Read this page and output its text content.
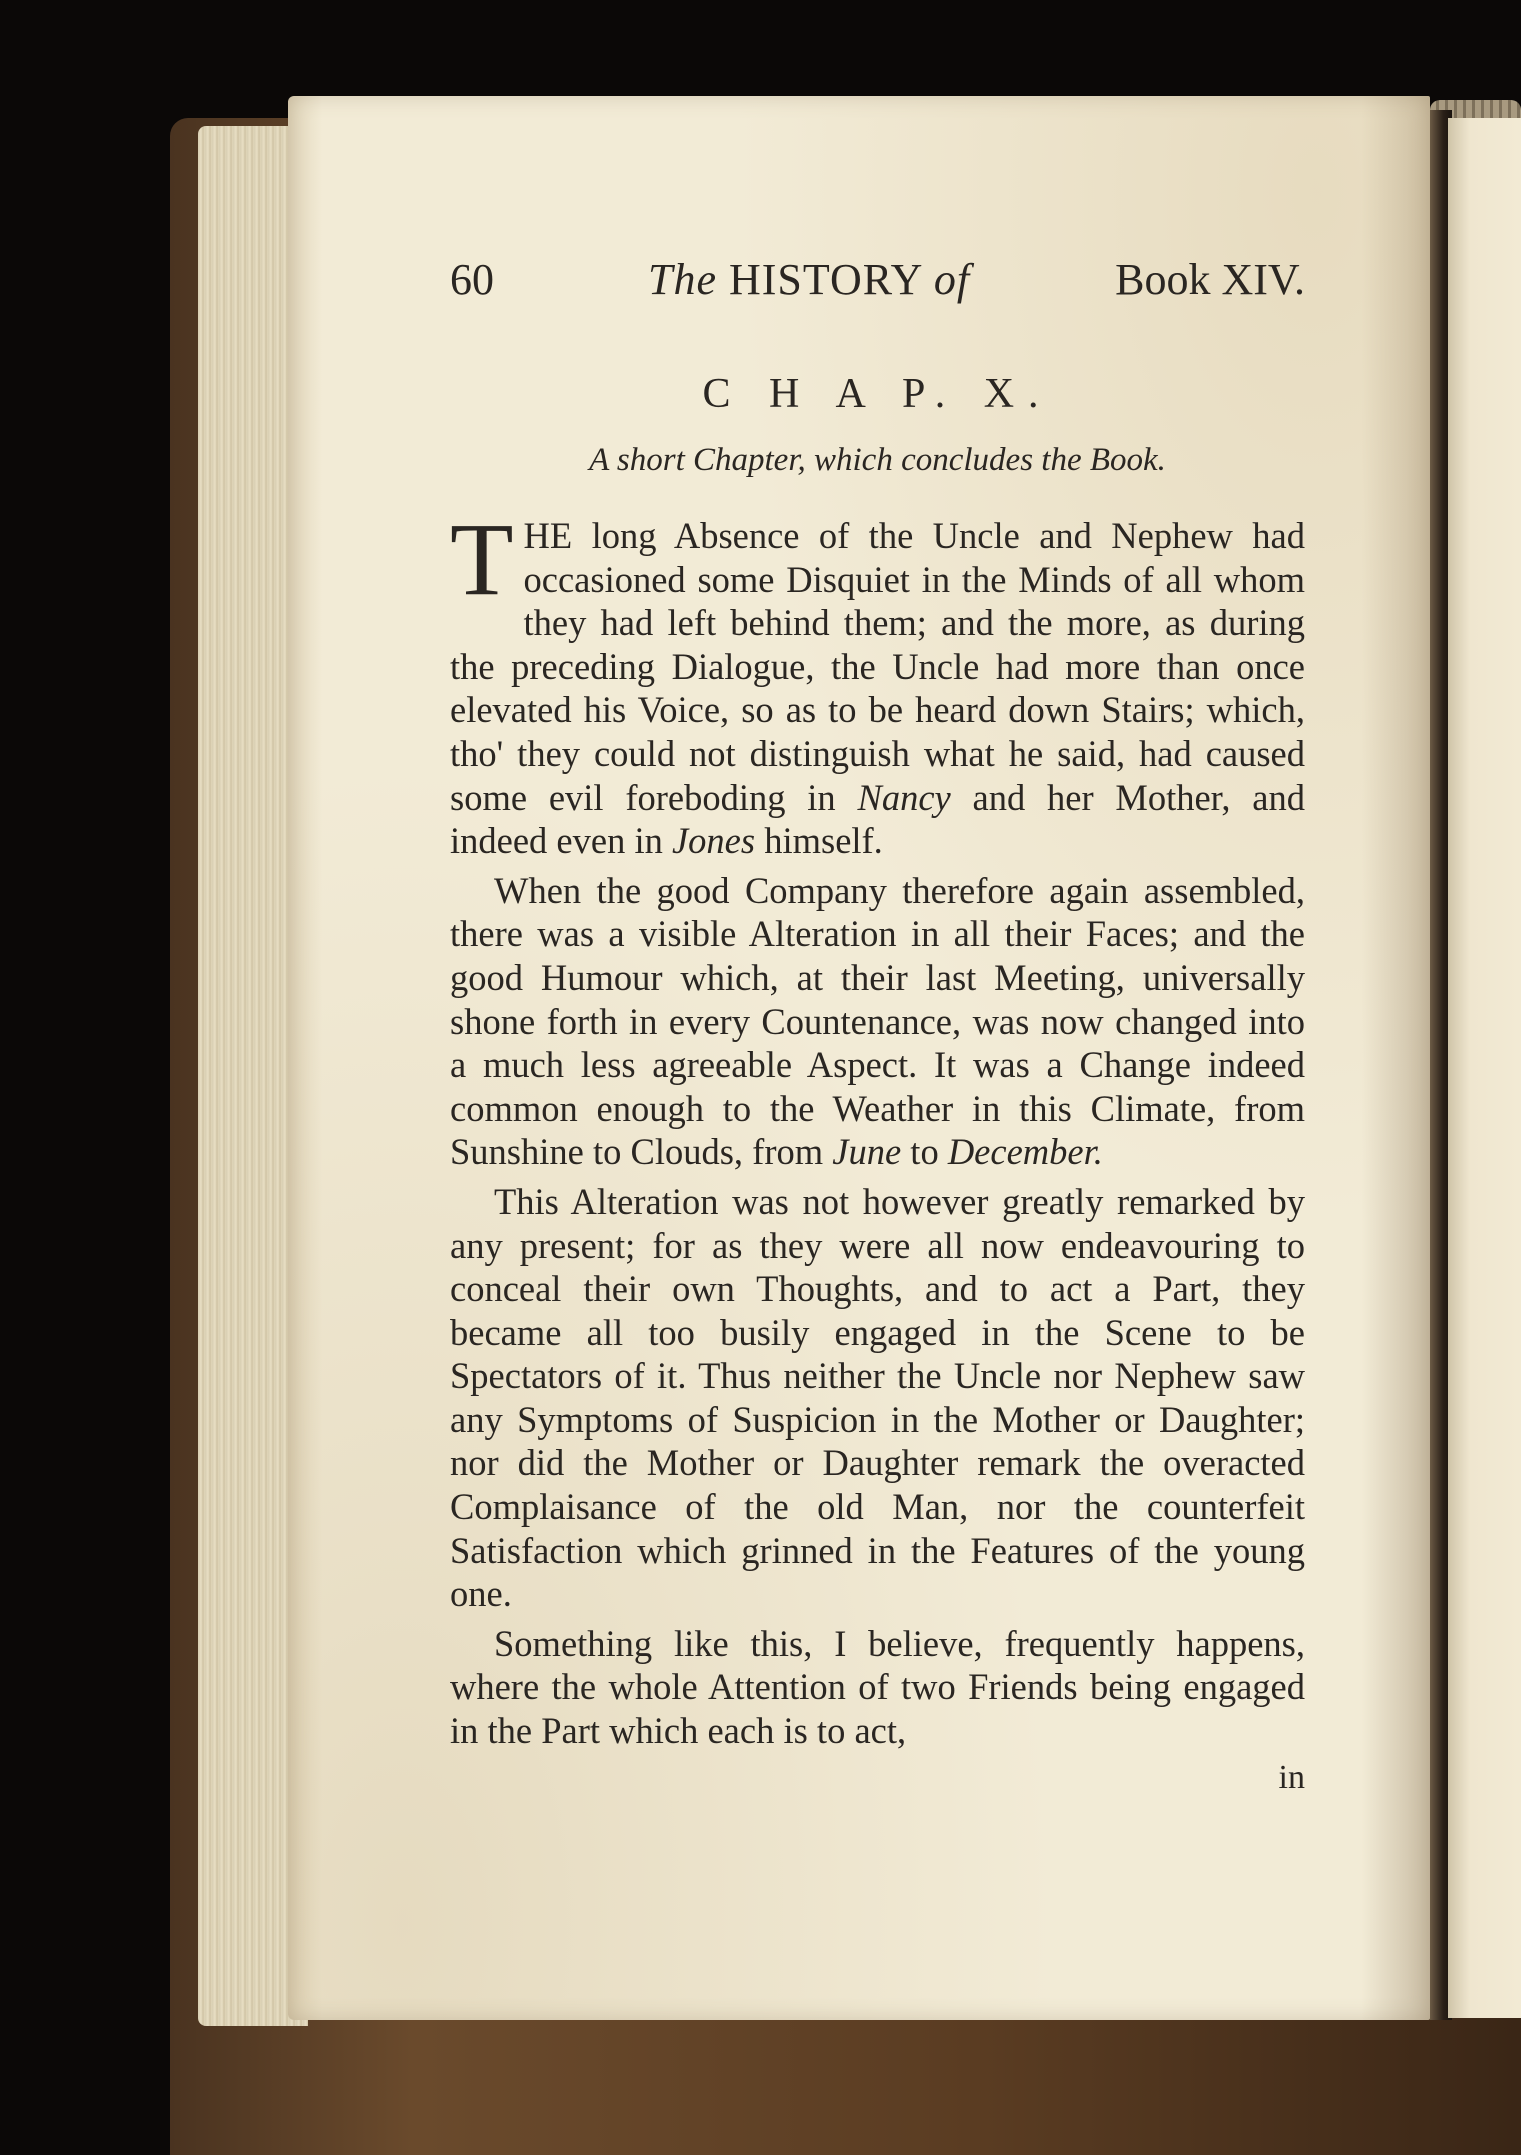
60	The HISTORY of	Book XIV.
C H A P. X.
A short Chapter, which concludes the Book.

THE long Absence of the Uncle and Nephew had occasioned some Disquiet in the Minds of all whom they had left behind them; and the more, as during the preceding Dialogue, the Uncle had more than once elevated his Voice, so as to be heard down Stairs; which, tho' they could not distinguish what he said, had caused some evil foreboding in Nancy and her Mother, and indeed even in Jones himself.

When the good Company therefore again assembled, there was a visible Alteration in all their Faces; and the good Humour which, at their last Meeting, universally shone forth in every Countenance, was now changed into a much less agreeable Aspect. It was a Change indeed common enough to the Weather in this Climate, from Sunshine to Clouds, from June to December.

This Alteration was not however greatly remarked by any present; for as they were all now endeavouring to conceal their own Thoughts, and to act a Part, they became all too busily engaged in the Scene to be Spectators of it. Thus neither the Uncle nor Nephew saw any Symptoms of Suspicion in the Mother or Daughter; nor did the Mother or Daughter remark the overacted Complaisance of the old Man, nor the counterfeit Satisfaction which grinned in the Features of the young one.

Something like this, I believe, frequently happens, where the whole Attention of two Friends being engaged in the Part which each is to act,

in
